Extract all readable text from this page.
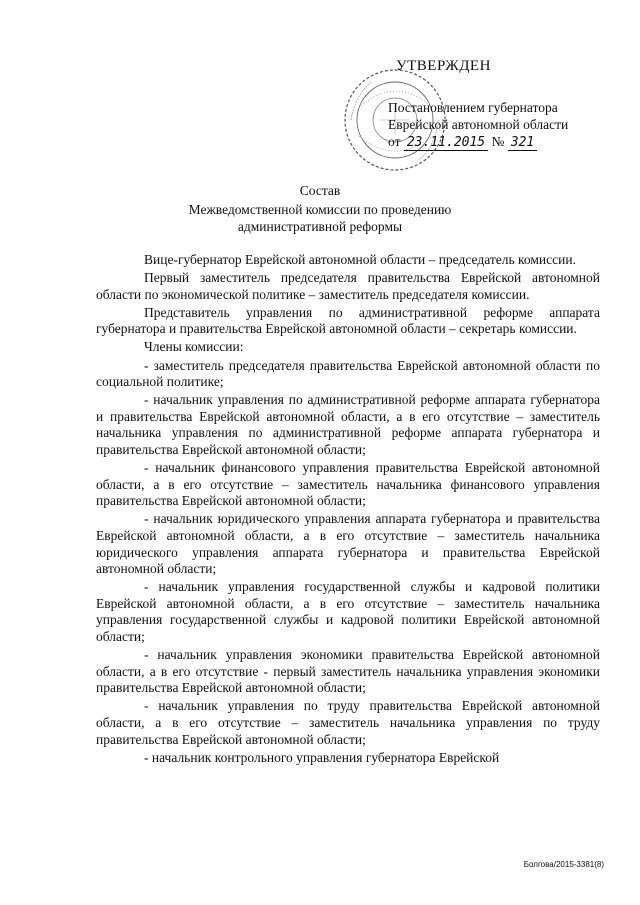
УТВЕРЖДЕН
Постановлением губернатора
Еврейской автономной области
от 23.11.2015 № 321
Состав
Межведомственной комиссии по проведению
административной реформы

Вице-губернатор Еврейской автономной области – председатель комиссии.

Первый заместитель председателя правительства Еврейской автономной области по экономической политике – заместитель председателя комиссии.

Представитель управления по административной реформе аппарата губернатора и правительства Еврейской автономной области – секретарь комиссии.

Члены комиссии:

- заместитель председателя правительства Еврейской автономной области по социальной политике;

- начальник управления по административной реформе аппарата губернатора и правительства Еврейской автономной области, а в его отсутствие – заместитель начальника управления по административной реформе аппарата губернатора и правительства Еврейской автономной области;

- начальник финансового управления правительства Еврейской автономной области, а в его отсутствие – заместитель начальника финансового управления правительства Еврейской автономной области;

- начальник юридического управления аппарата губернатора и правительства Еврейской автономной области, а в его отсутствие – заместитель начальника юридического управления аппарата губернатора и правительства Еврейской автономной области;

- начальник управления государственной службы и кадровой политики Еврейской автономной области, а в его отсутствие – заместитель начальника управления государственной службы и кадровой политики Еврейской автономной области;

- начальник управления экономики правительства Еврейской автономной области, а в его отсутствие - первый заместитель начальника управления экономики правительства Еврейской автономной области;

- начальник управления по труду правительства Еврейской автономной области, а в его отсутствие – заместитель начальника управления по труду правительства Еврейской автономной области;

- начальник контрольного управления губернатора Еврейской

Болгова/2015-3381(8)
